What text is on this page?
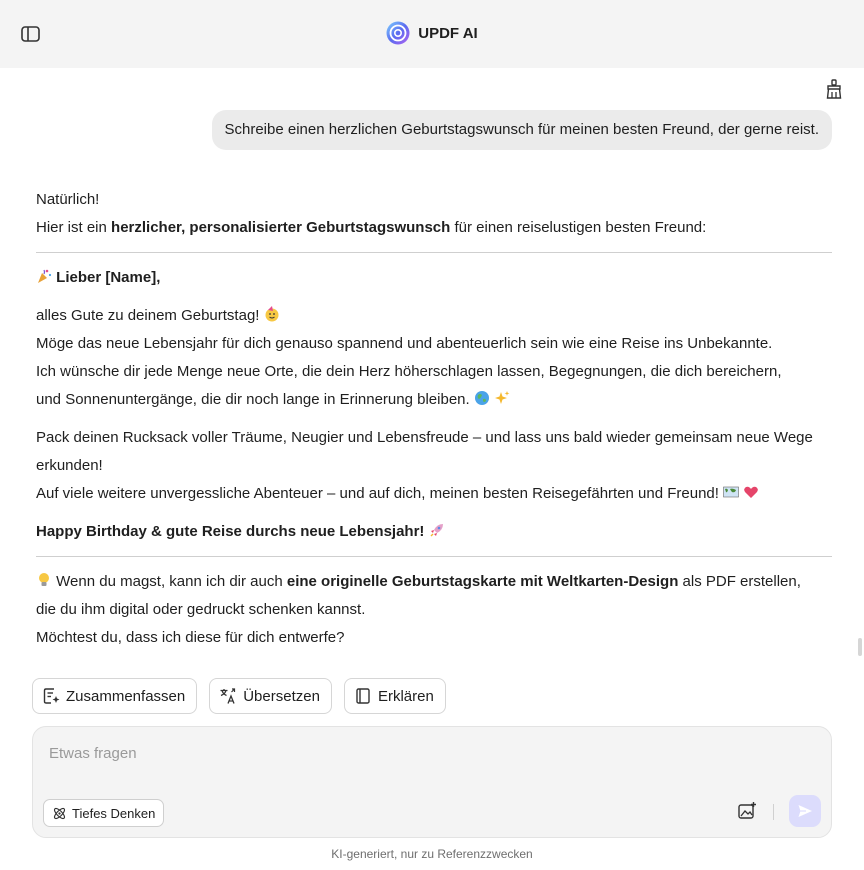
UPDF AI
Schreibe einen herzlichen Geburtstagswunsch für meinen besten Freund, der gerne reist.
Natürlich!
Hier ist ein herzlicher, personalisierter Geburtstagswunsch für einen reiselustigen besten Freund:
Lieber [Name],
alles Gute zu deinem Geburtstag!
Möge das neue Lebensjahr für dich genauso spannend und abenteuerlich sein wie eine Reise ins Unbekannte.
Ich wünsche dir jede Menge neue Orte, die dein Herz höherschlagen lassen, Begegnungen, die dich bereichern,
und Sonnenuntergänge, die dir noch lange in Erinnerung bleiben.
Pack deinen Rucksack voller Träume, Neugier und Lebensfreude – und lass uns bald wieder gemeinsam neue Wege
erkunden!
Auf viele weitere unvergessliche Abenteuer – und auf dich, meinen besten Reisegefährten und Freund!
Happy Birthday & gute Reise durchs neue Lebensjahr!
Wenn du magst, kann ich dir auch eine originelle Geburtstagskarte mit Weltkarten-Design als PDF erstellen,
die du ihm digital oder gedruckt schenken kannst.
Möchtest du, dass ich diese für dich entwerfe?
Zusammenfassen	Übersetzen	Erklären
Etwas fragen
Tiefes Denken
KI-generiert, nur zu Referenzzwecken
